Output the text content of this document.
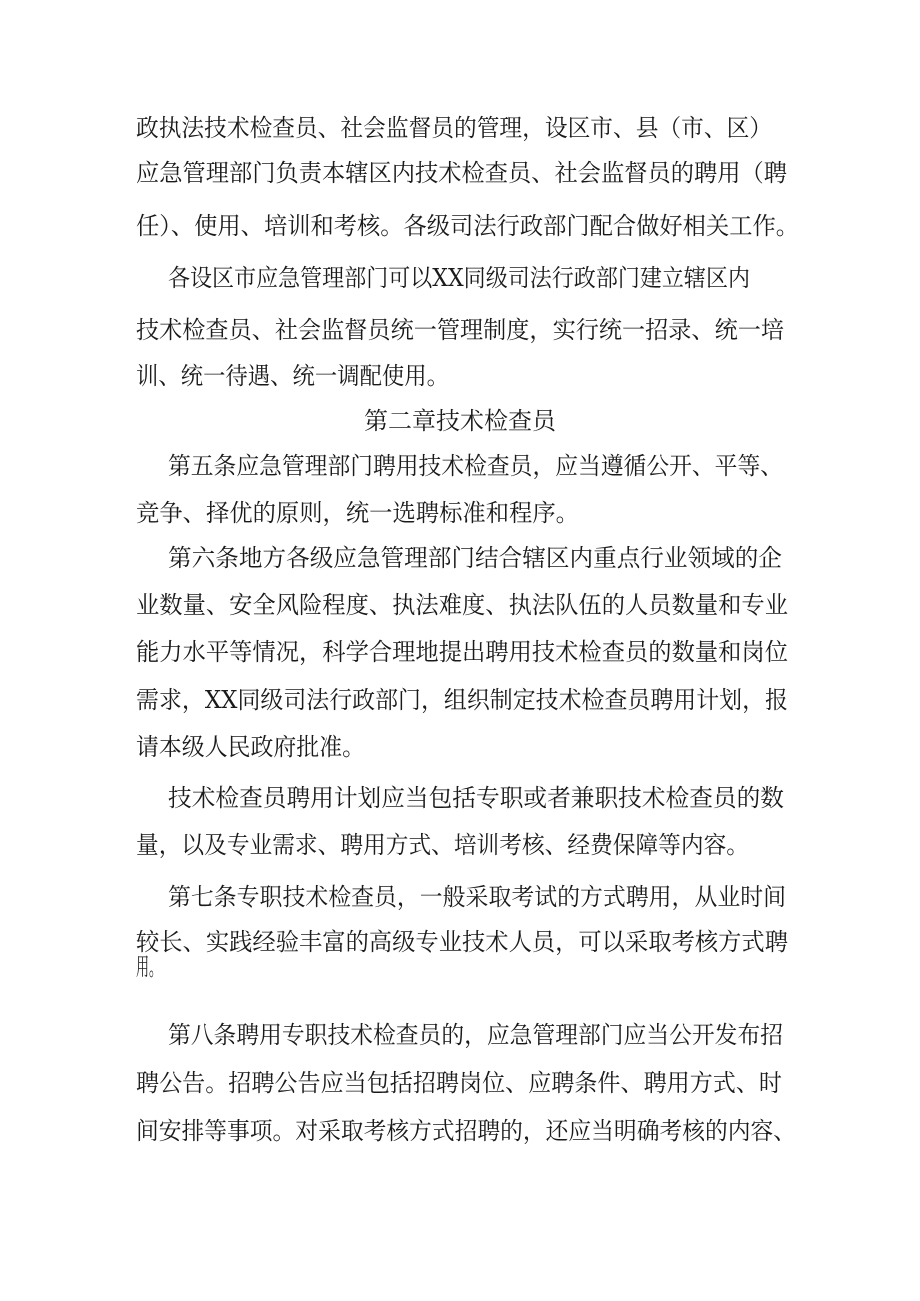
政执法技术检查员、社会监督员的管理，设区市、县（市、区）
应急管理部门负责本辖区内技术检查员、社会监督员的聘用（聘
任）、使用、培训和考核。各级司法行政部门配合做好相关工作。
各设区市应急管理部门可以XX同级司法行政部门建立辖区内
技术检查员、社会监督员统一管理制度，实行统一招录、统一培
训、统一待遇、统一调配使用。
第二章技术检查员
第五条应急管理部门聘用技术检查员，应当遵循公开、平等、
竞争、择优的原则，统一选聘标准和程序。
第六条地方各级应急管理部门结合辖区内重点行业领域的企
业数量、安全风险程度、执法难度、执法队伍的人员数量和专业
能力水平等情况，科学合理地提出聘用技术检查员的数量和岗位
需求，XX同级司法行政部门，组织制定技术检查员聘用计划，报
请本级人民政府批准。
技术检查员聘用计划应当包括专职或者兼职技术检查员的数
量，以及专业需求、聘用方式、培训考核、经费保障等内容。
第七条专职技术检查员，一般采取考试的方式聘用，从业时间
较长、实践经验丰富的高级专业技术人员，可以采取考核方式聘
用。
第八条聘用专职技术检查员的，应急管理部门应当公开发布招
聘公告。招聘公告应当包括招聘岗位、应聘条件、聘用方式、时
间安排等事项。对采取考核方式招聘的，还应当明确考核的内容、
